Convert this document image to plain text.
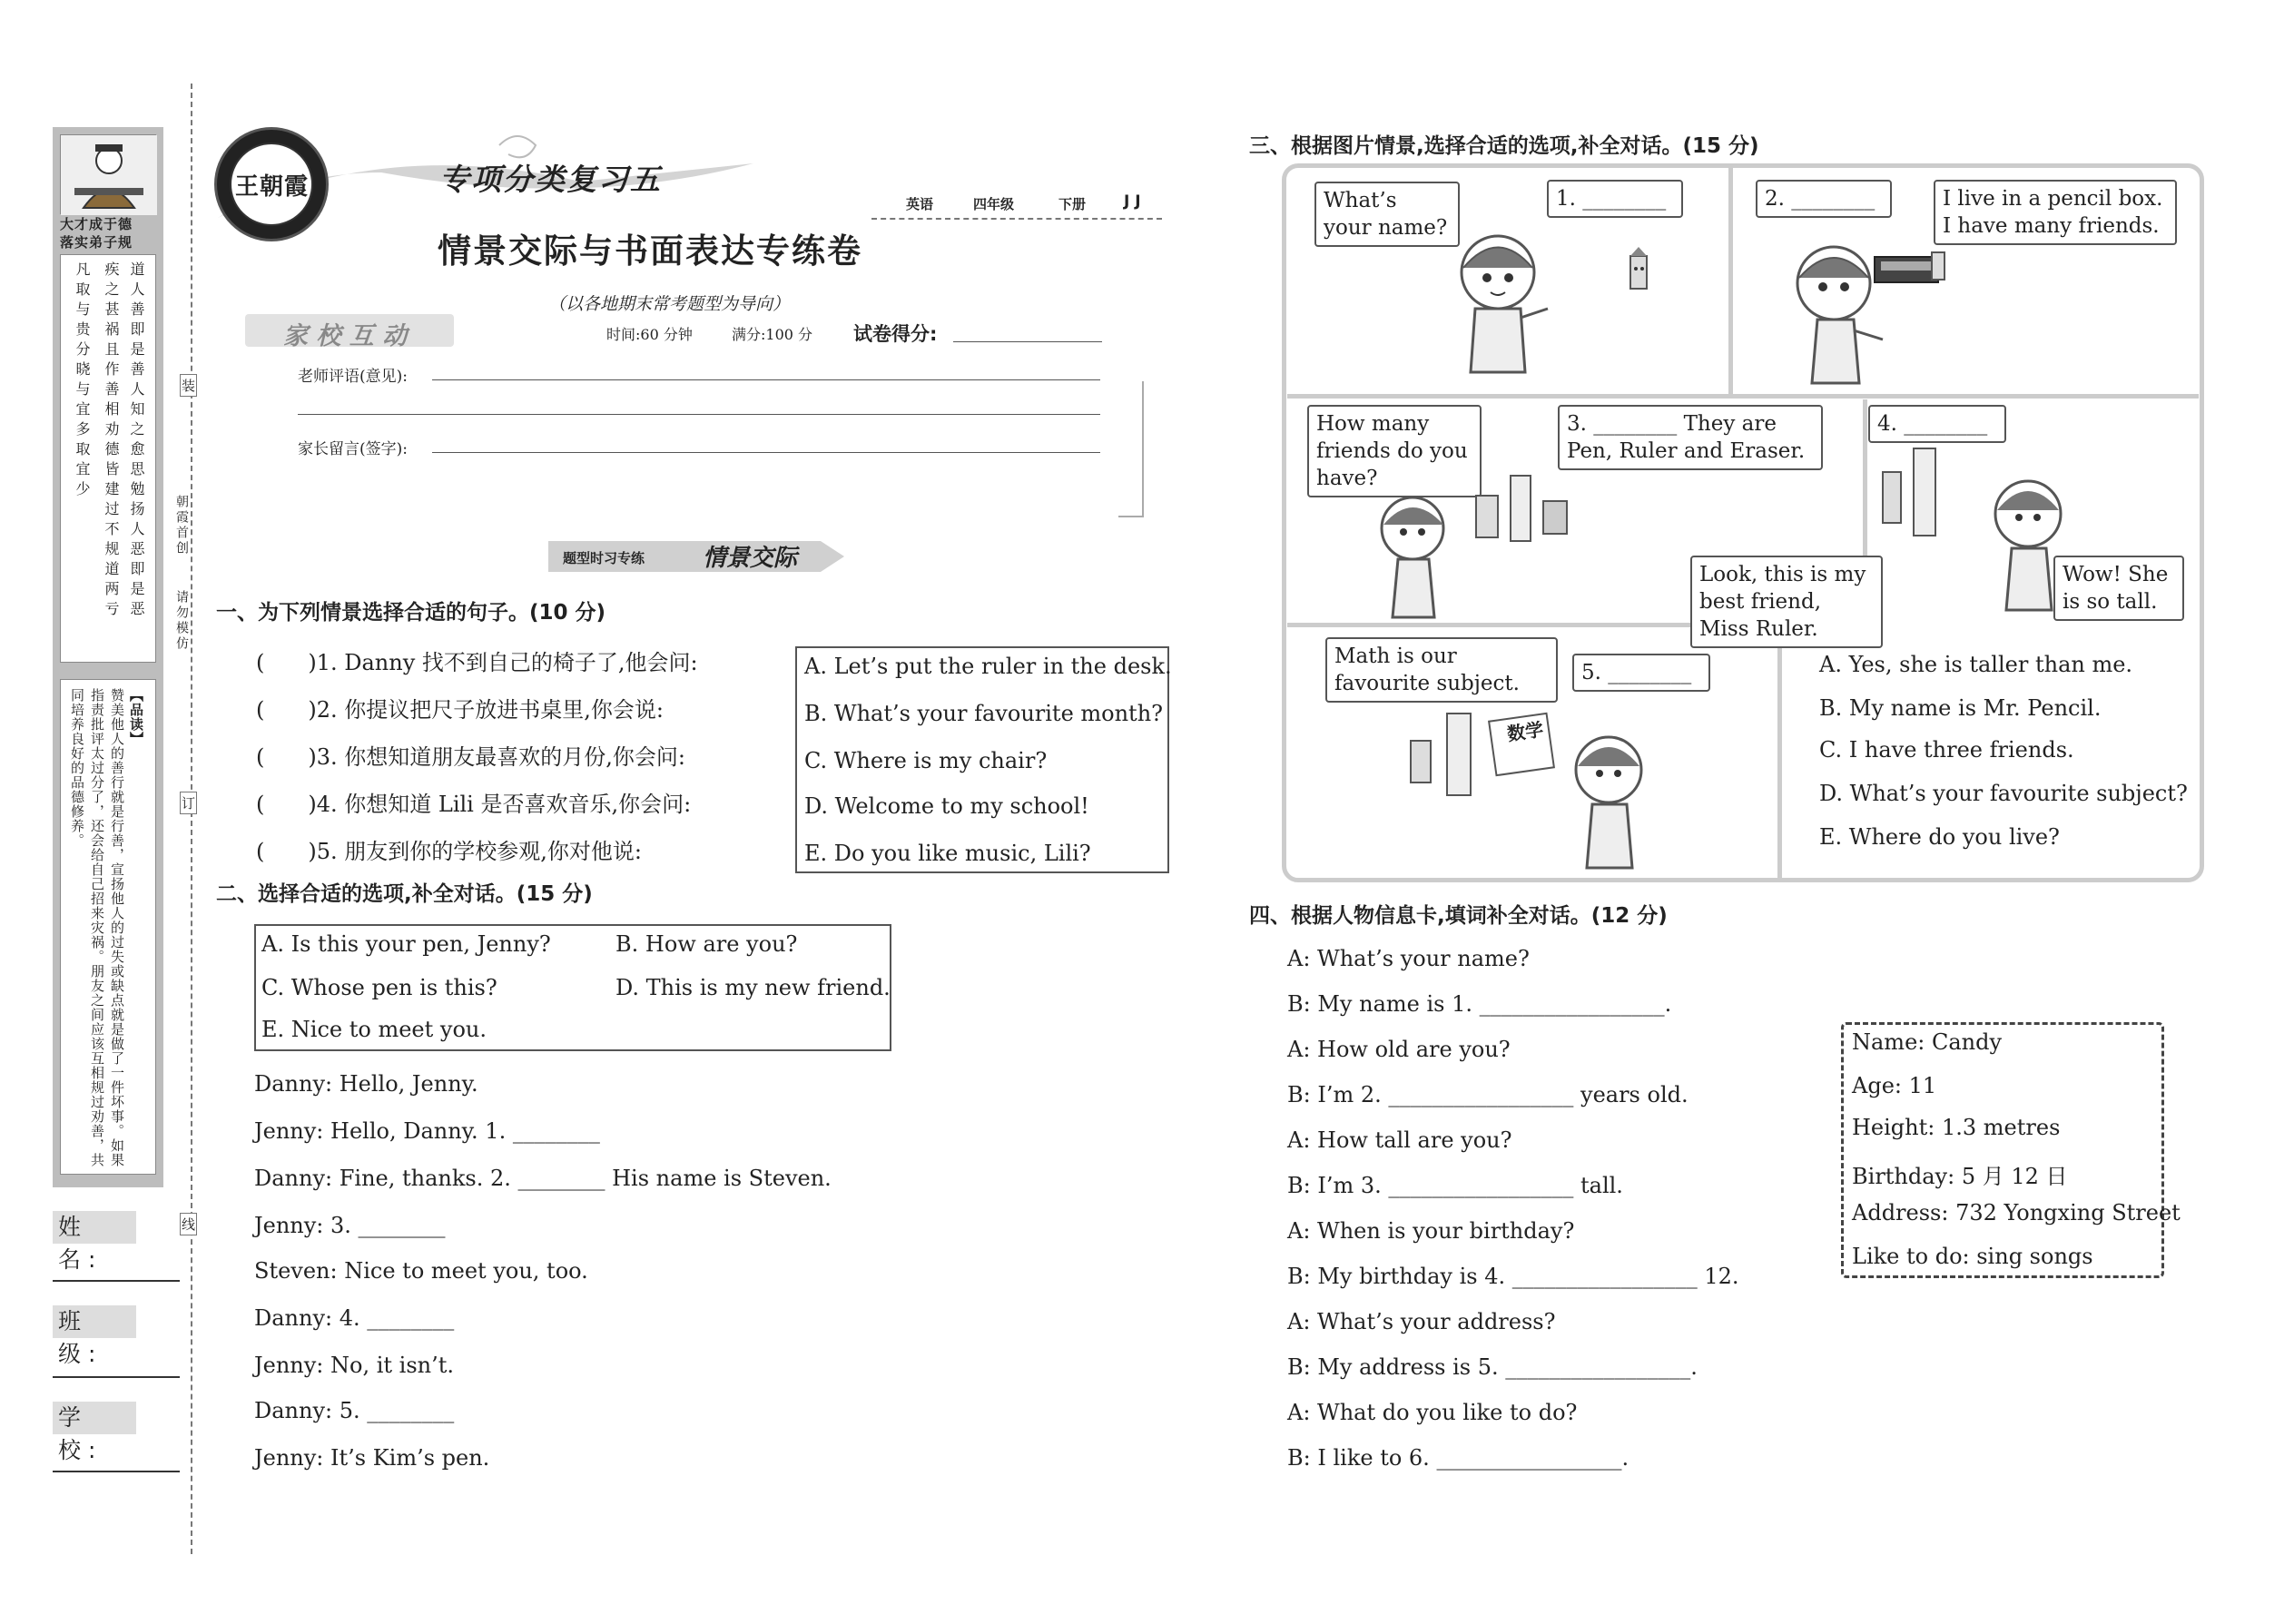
大才成于德
落实弟子规
道人善即是善人知之愈思勉扬人恶即是恶
疾之甚祸且作善相劝德皆建过不规道两亏
凡取与贵分晓与宜多取宜少
【品读】
赞美他人的善行就是行善，宣扬他人的过失或缺点就是做了一件坏事。如果指责批评太过分了，还会给自己招来灾祸。朋友之间应该互相规过劝善，共同培养良好的品德修养。
装
订
线
朝霞首创
请勿模仿
姓 名:
班 级:
学 校:
王朝霞	专项分类复习五
情景交际与书面表达专练卷
英语	四年级	下册 J J
（以各地期末常考题型为导向）
时间:60 分钟	满分:100 分 试卷得分:
家 校 互 动
老师评语(意见):
家长留言(签字):
题型时习专练 情景交际
一、为下列情景选择合适的句子。(10 分)
(　　)1. Danny 找不到自己的椅子了,他会问:
(　　)2. 你提议把尺子放进书桌里,你会说:
(　　)3. 你想知道朋友最喜欢的月份,你会问:
(　　)4. 你想知道 Lili 是否喜欢音乐,你会问:
(　　)5. 朋友到你的学校参观,你对他说:
A. Let’s put the ruler in the desk.
B. What’s your favourite month?
C. Where is my chair?
D. Welcome to my school!
E. Do you like music, Lili?
二、选择合适的选项,补全对话。(15 分)
A. Is this your pen, Jenny?	B. How are you?
C. Whose pen is this?	D. This is my new friend.
E. Nice to meet you.
Danny: Hello, Jenny.
Jenny: Hello, Danny. 1. ________
Danny: Fine, thanks. 2. ________ His name is Steven.
Jenny: 3. ________
Steven: Nice to meet you, too.
Danny: 4. ________
Jenny: No, it isn’t.
Danny: 5. ________
Jenny: It’s Kim’s pen.
三、根据图片情景,选择合适的选项,补全对话。(15 分)
What’s your name?
1. ________	2. ________	I live in a pencil box. I have many friends.
How many friends do you have?
3. ________ They are Pen, Ruler and Eraser.
4. ________
Look, this is my best friend, Miss Ruler.
Wow! She is so tall.
Math is our favourite subject.	5. ________
数学
A. Yes, she is taller than me.
B. My name is Mr. Pencil.
C. I have three friends.
D. What’s your favourite subject?
E. Where do you live?
四、根据人物信息卡,填词补全对话。(12 分)
A: What’s your name?
B: My name is 1. _________________.
A: How old are you?
B: I’m 2. _________________ years old.
A: How tall are you?
B: I’m 3. _________________ tall.
A: When is your birthday?
B: My birthday is 4. _________________ 12.
A: What’s your address?
B: My address is 5. _________________.
A: What do you like to do?
B: I like to 6. _________________.
Name: Candy
Age: 11
Height: 1.3 metres
Birthday: 5 月 12 日
Address: 732 Yongxing Street
Like to do: sing songs
